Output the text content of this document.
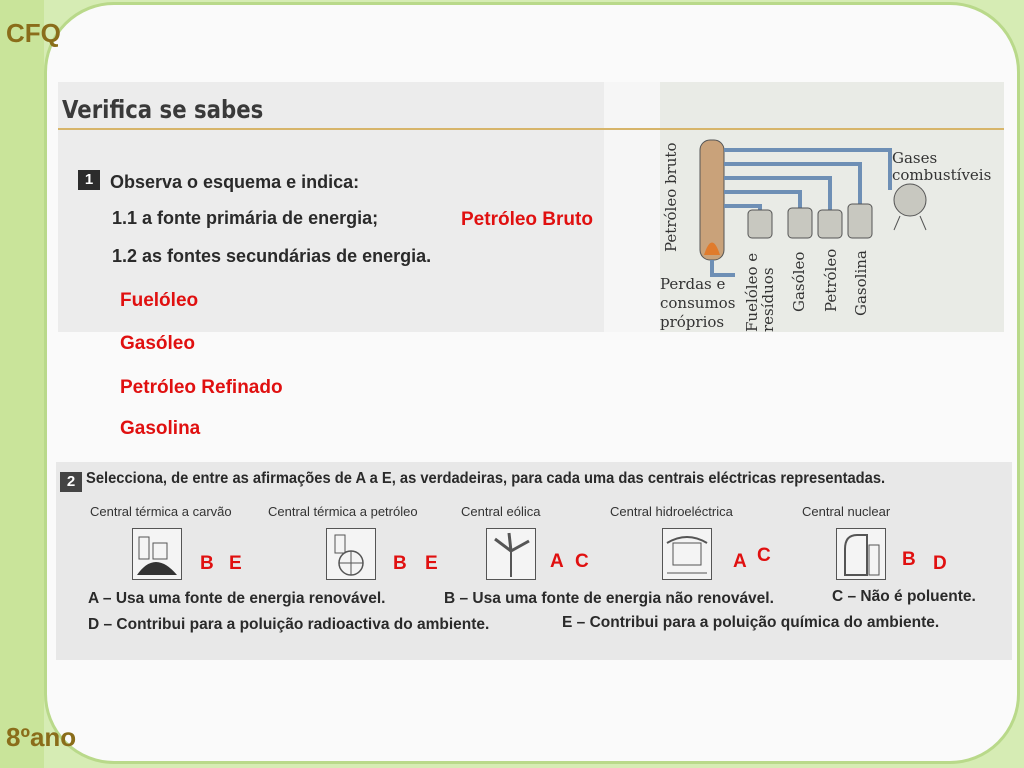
CFQ
8ºano
Verifica se sabes
1 Observa o esquema e indica:
1.1 a fonte primária de energia;
1.2 as fontes secundárias de energia.
Petróleo Bruto
Fuelóleo
Gasóleo
Petróleo Refinado
Gasolina
Petróleo bruto	Gases combustíveis
Perdas e
consumos
próprios Fuelóleo e resíduos Gasóleo Petróleo Gasolina
2 Selecciona, de entre as afirmações de A a E, as verdadeiras, para cada uma das centrais eléctricas representadas.
Central térmica a carvão	Central térmica a petróleo	Central eólica	Central hidroeléctrica	Central nuclear
B E	B E	A C	A C	B D
A – Usa uma fonte de energia renovável.	B – Usa uma fonte de energia não renovável.	C – Não é poluente.
D – Contribui para a poluição radioactiva do ambiente.	E – Contribui para a poluição química do ambiente.
